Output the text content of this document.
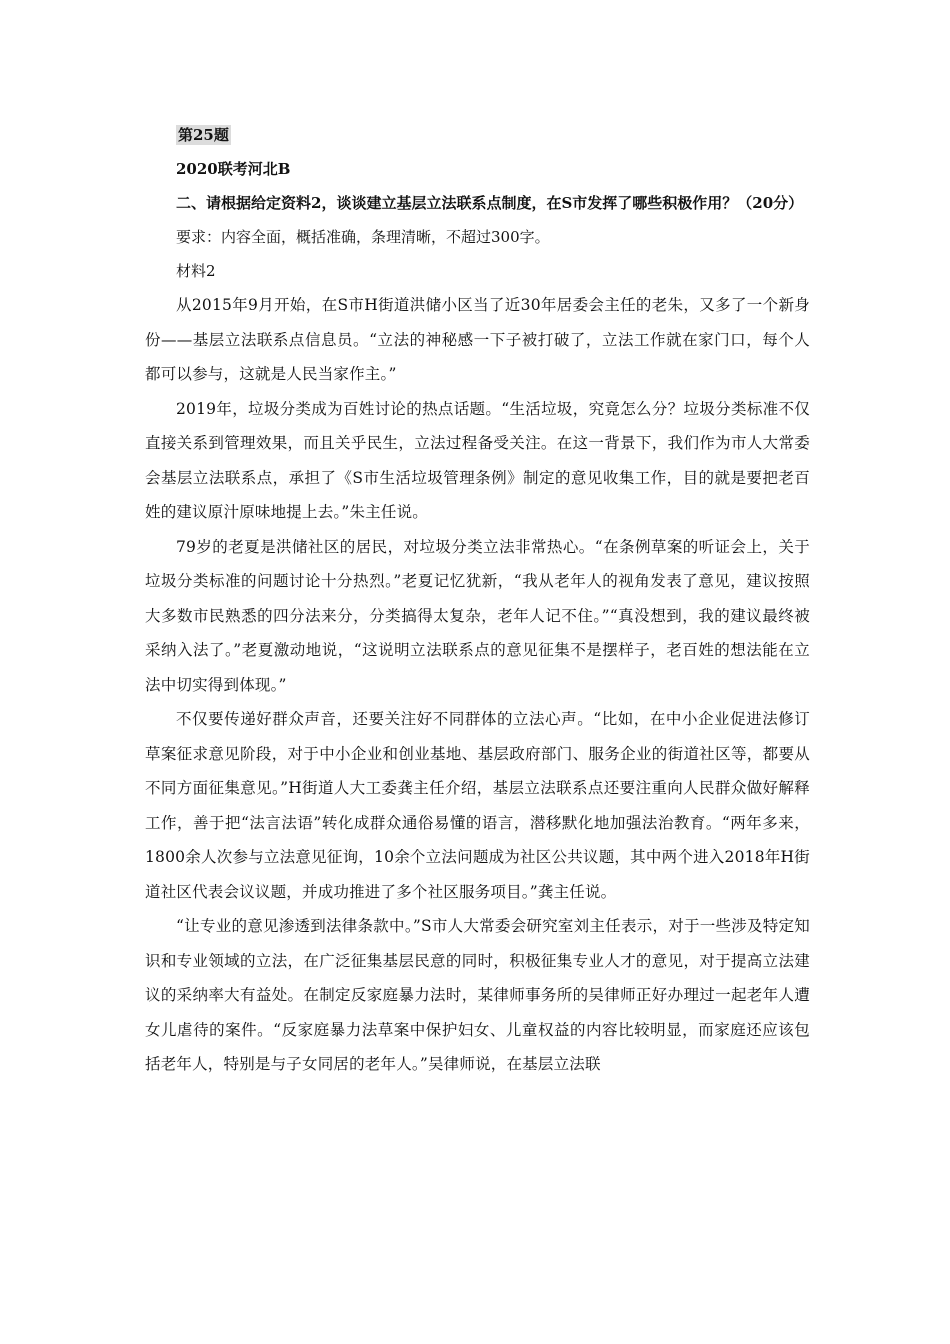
第25题
2020联考河北B
二、请根据给定资料2，谈谈建立基层立法联系点制度，在S市发挥了哪些积极作用？（20分）
要求：内容全面，概括准确，条理清晰，不超过300字。
材料2

从2015年9月开始，在S市H街道洪储小区当了近30年居委会主任的老朱，又多了一个新身份——基层立法联系点信息员。“立法的神秘感一下子被打破了，立法工作就在家门口，每个人都可以参与，这就是人民当家作主。”

2019年，垃圾分类成为百姓讨论的热点话题。“生活垃圾，究竟怎么分？垃圾分类标准不仅直接关系到管理效果，而且关乎民生，立法过程备受关注。在这一背景下，我们作为市人大常委会基层立法联系点，承担了《S市生活垃圾管理条例》制定的意见收集工作，目的就是要把老百姓的建议原汁原味地提上去。”朱主任说。

79岁的老夏是洪储社区的居民，对垃圾分类立法非常热心。“在条例草案的听证会上，关于垃圾分类标准的问题讨论十分热烈。”老夏记忆犹新，“我从老年人的视角发表了意见，建议按照大多数市民熟悉的四分法来分，分类搞得太复杂，老年人记不住。”“真没想到，我的建议最终被采纳入法了。”老夏激动地说，“这说明立法联系点的意见征集不是摆样子，老百姓的想法能在立法中切实得到体现。”

不仅要传递好群众声音，还要关注好不同群体的立法心声。“比如，在中小企业促进法修订草案征求意见阶段，对于中小企业和创业基地、基层政府部门、服务企业的街道社区等，都要从不同方面征集意见。”H街道人大工委龚主任介绍，基层立法联系点还要注重向人民群众做好解释工作，善于把“法言法语”转化成群众通俗易懂的语言，潜移默化地加强法治教育。“两年多来，1800余人次参与立法意见征询，10余个立法问题成为社区公共议题，其中两个进入2018年H街道社区代表会议议题，并成功推进了多个社区服务项目。”龚主任说。

“让专业的意见渗透到法律条款中。”S市人大常委会研究室刘主任表示，对于一些涉及特定知识和专业领域的立法，在广泛征集基层民意的同时，积极征集专业人才的意见，对于提高立法建议的采纳率大有益处。在制定反家庭暴力法时，某律师事务所的吴律师正好办理过一起老年人遭女儿虐待的案件。“反家庭暴力法草案中保护妇女、儿童权益的内容比较明显，而家庭还应该包括老年人，特别是与子女同居的老年人。”吴律师说，在基层立法联
